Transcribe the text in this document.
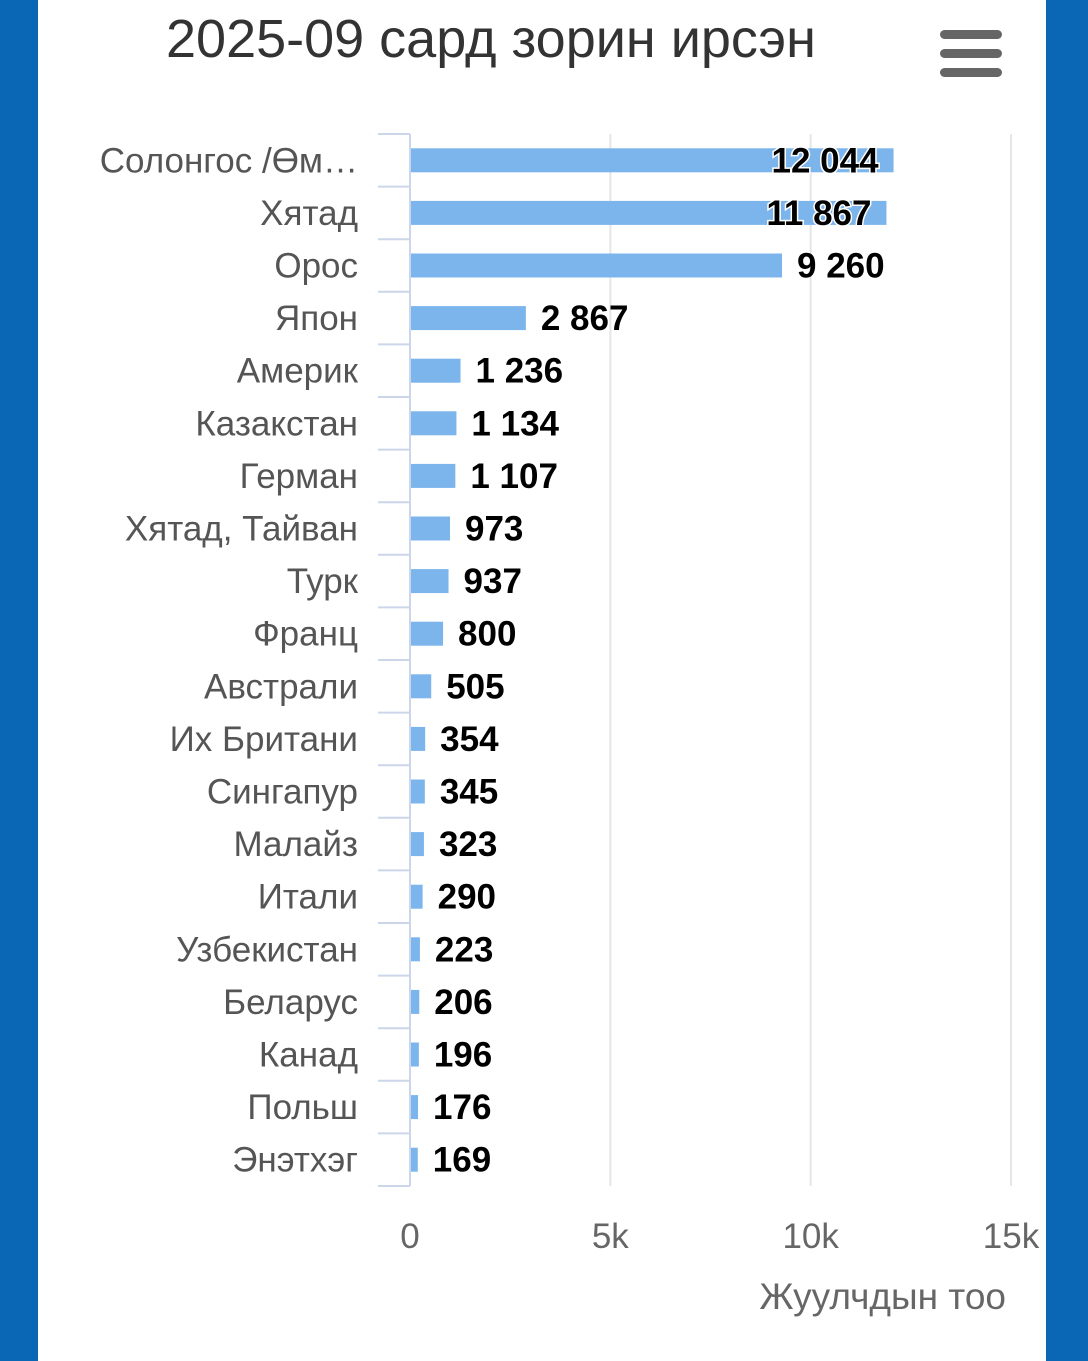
2025-09 сард зорин ирсэн
0	5k	10k	15k
Солонгос /Өм…	12 044
Хятад	11 867
Орос	9 260
Япон	2 867
Америк	1 236
Казакстан	1 134
Герман	1 107
Хятад, Тайван	973
Турк	937
Франц	800
Австрали	505
Их Британи 354
Сингапур 345
Малайз 323
Итали 290
Узбекистан 223
Беларус 206
Канад 196
Польш 176
Энэтхэг 169
Жуулчдын тоо
